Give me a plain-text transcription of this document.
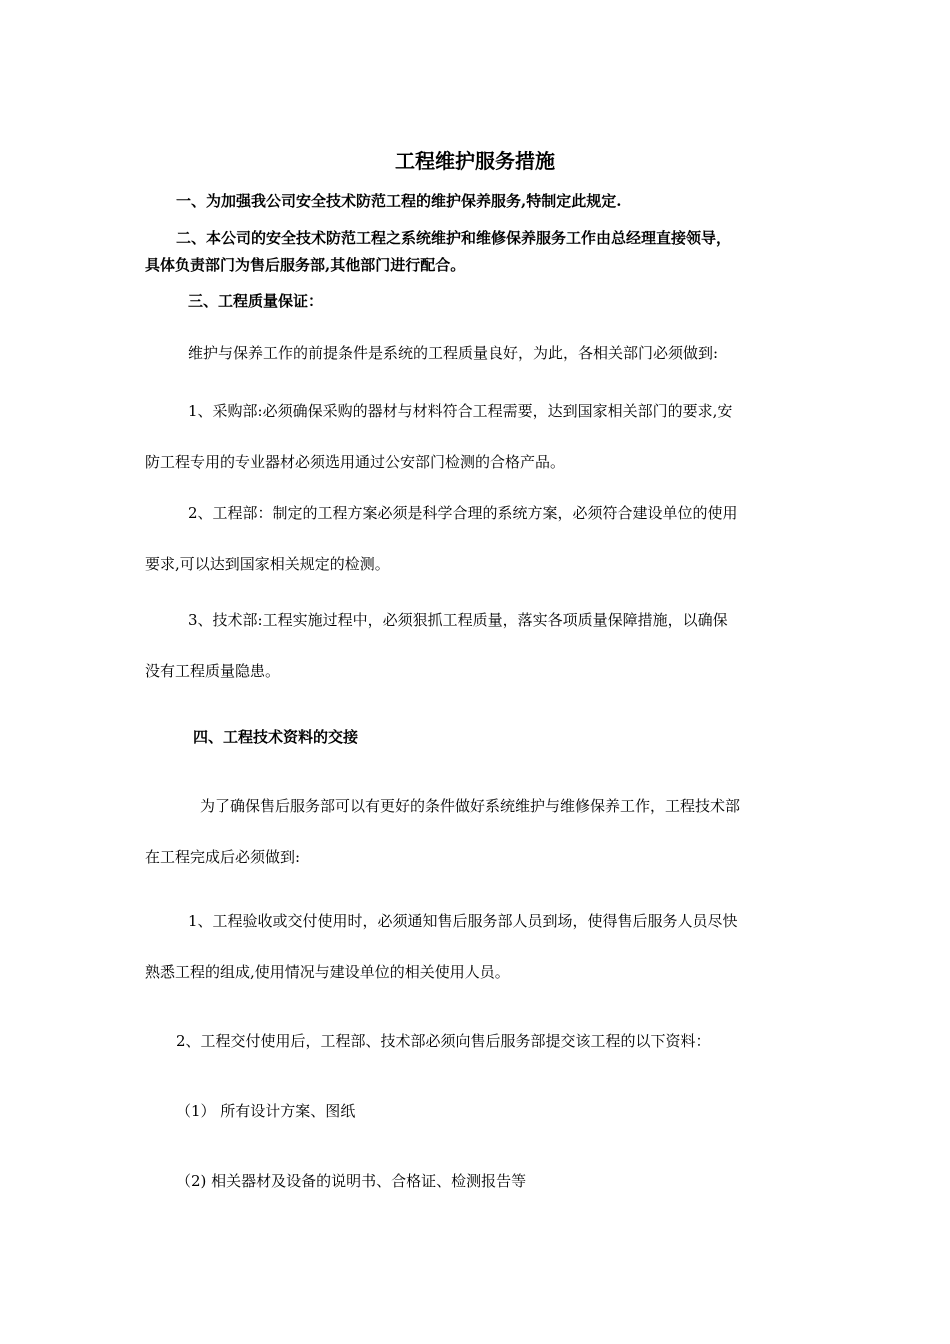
工程维护服务措施
一、为加强我公司安全技术防范工程的维护保养服务,特制定此规定.
二、本公司的安全技术防范工程之系统维护和维修保养服务工作由总经理直接领导，
具体负责部门为售后服务部,其他部门进行配合。
三、工程质量保证：
维护与保养工作的前提条件是系统的工程质量良好，为此，各相关部门必须做到:
1、采购部:必须确保采购的器材与材料符合工程需要，达到国家相关部门的要求,安
防工程专用的专业器材必须选用通过公安部门检测的合格产品。
2、工程部：制定的工程方案必须是科学合理的系统方案，必须符合建设单位的使用
要求,可以达到国家相关规定的检测。
3、技术部:工程实施过程中，必须狠抓工程质量，落实各项质量保障措施，以确保
没有工程质量隐患。
四、工程技术资料的交接
为了确保售后服务部可以有更好的条件做好系统维护与维修保养工作，工程技术部
在工程完成后必须做到:
1、工程验收或交付使用时，必须通知售后服务部人员到场，使得售后服务人员尽快
熟悉工程的组成,使用情况与建设单位的相关使用人员。
2、工程交付使用后，工程部、技术部必须向售后服务部提交该工程的以下资料：
（1） 所有设计方案、图纸
（2) 相关器材及设备的说明书、合格证、检测报告等
